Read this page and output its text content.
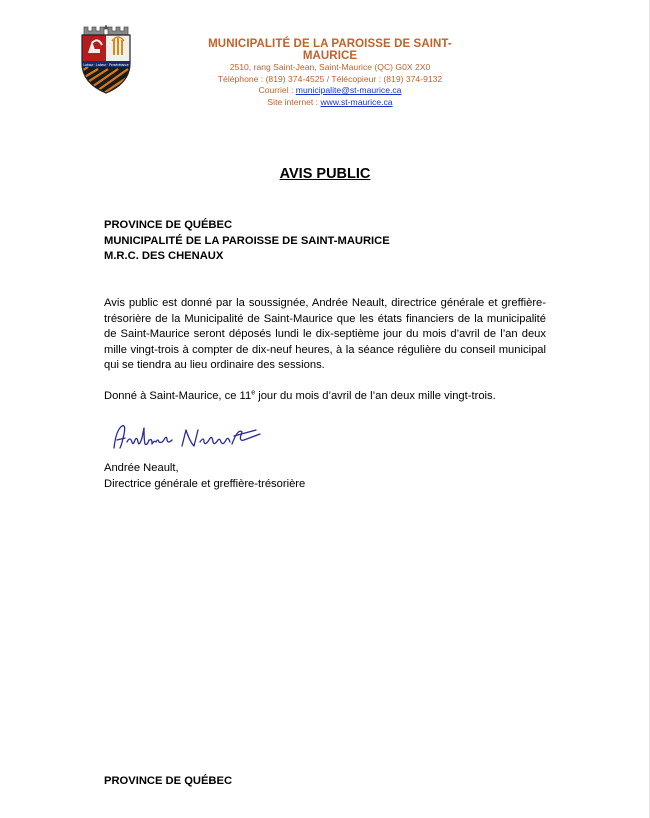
Labour · Labeur · Persévérance
MUNICIPALITÉ DE LA PAROISSE DE SAINT-MAURICE
2510, rang Saint-Jean, Saint-Maurice (QC) G0X 2X0
Téléphone : (819) 374-4525 / Télécopieur : (819) 374-9132
Courriel : municipalite@st-maurice.ca
Site internet : www.st-maurice.ca
AVIS PUBLIC
PROVINCE DE QUÉBEC
MUNICIPALITÉ DE LA PAROISSE DE SAINT-MAURICE
M.R.C. DES CHENAUX
Avis public est donné par la soussignée, Andrée Neault, directrice générale et greffière-trésorière de la Municipalité de Saint-Maurice que les états financiers de la municipalité de Saint-Maurice seront déposés lundi le dix-septième jour du mois d’avril de l’an deux mille vingt-trois à compter de dix-neuf heures, à la séance régulière du conseil municipal qui se tiendra au lieu ordinaire des sessions.
Donné à Saint-Maurice, ce 11e jour du mois d’avril de l’an deux mille vingt-trois.
Andrée Neault,
Directrice générale et greffière-trésorière
PROVINCE DE QUÉBEC
